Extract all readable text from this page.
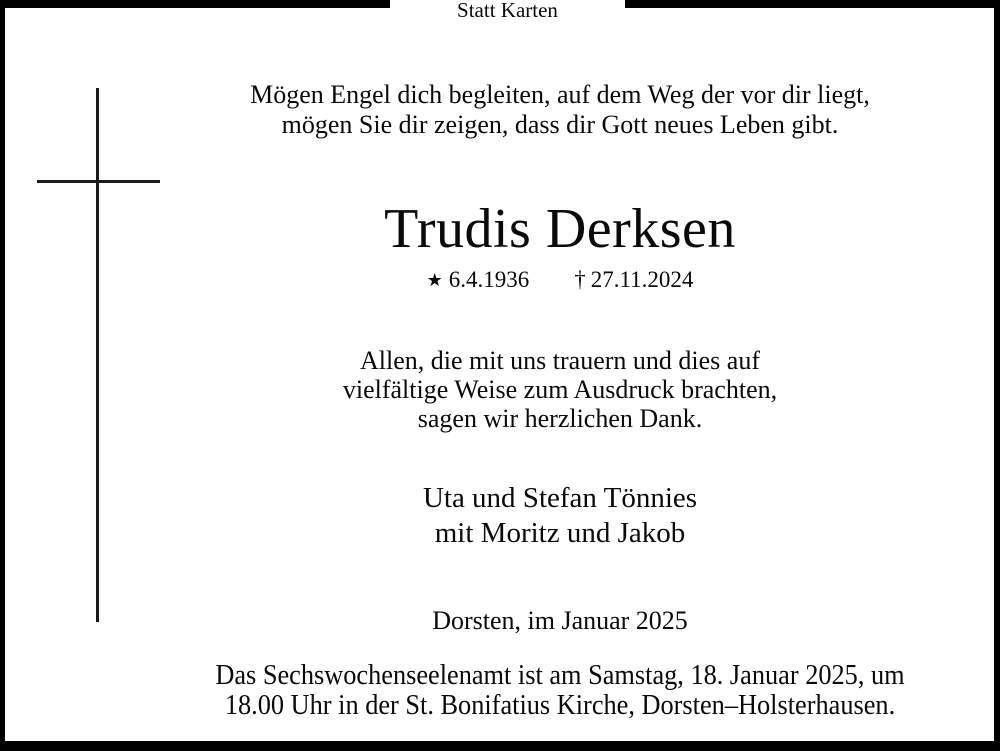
Statt Karten
Mögen Engel dich begleiten, auf dem Weg der vor dir liegt,
mögen Sie dir zeigen, dass dir Gott neues Leben gibt.
Trudis Derksen
★ 6.4.1936 † 27.11.2024
Allen, die mit uns trauern und dies auf
vielfältige Weise zum Ausdruck brachten,
sagen wir herzlichen Dank.
Uta und Stefan Tönnies
mit Moritz und Jakob
Dorsten, im Januar 2025
Das Sechswochenseelenamt ist am Samstag, 18. Januar 2025, um
18.00 Uhr in der St. Bonifatius Kirche, Dorsten–Holsterhausen.
